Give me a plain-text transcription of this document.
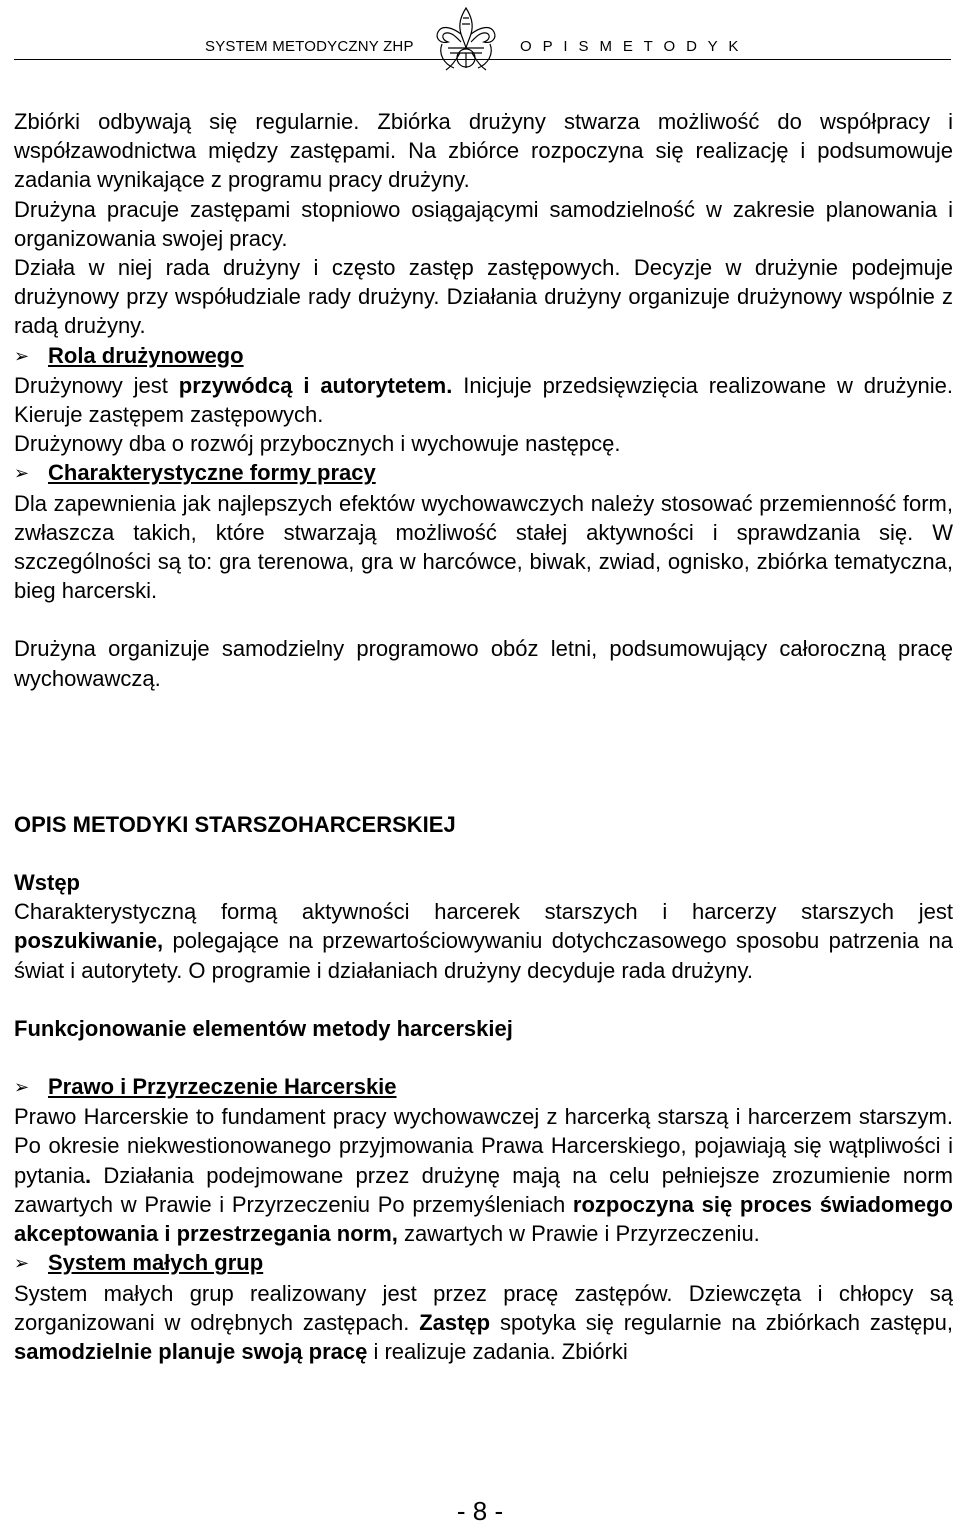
SYSTEM METODYCZNY ZHP	O P I S M E T O D Y K

Zbiórki odbywają się regularnie. Zbiórka drużyny stwarza możliwość do współpracy i współzawodnictwa między zastępami. Na zbiórce rozpoczyna się realizację i podsumowuje zadania wynikające z programu pracy drużyny.

Drużyna pracuje zastępami stopniowo osiągającymi samodzielność w zakresie planowania i organizowania swojej pracy.

Działa w niej rada drużyny i często zastęp zastępowych. Decyzje w drużynie podejmuje drużynowy przy współudziale rady drużyny. Działania drużyny organizuje drużynowy wspólnie z radą drużyny.

➢ Rola drużynowego

Drużynowy jest przywódcą i autorytetem. Inicjuje przedsięwzięcia realizowane w drużynie. Kieruje zastępem zastępowych.

Drużynowy dba o rozwój przybocznych i wychowuje następcę.

➢ Charakterystyczne formy pracy

Dla zapewnienia jak najlepszych efektów wychowawczych należy stosować przemienność form, zwłaszcza takich, które stwarzają możliwość stałej aktywności i sprawdzania się. W szczególności są to: gra terenowa, gra w harcówce, biwak, zwiad, ognisko, zbiórka tematyczna, bieg harcerski.

Drużyna organizuje samodzielny programowo obóz letni, podsumowujący całoroczną pracę wychowawczą.

OPIS METODYKI STARSZOHARCERSKIEJ

Wstęp

Charakterystyczną formą aktywności harcerek starszych i harcerzy starszych jest poszukiwanie, polegające na przewartościowywaniu dotychczasowego sposobu patrzenia na świat i autorytety. O programie i działaniach drużyny decyduje rada drużyny.

Funkcjonowanie elementów metody harcerskiej

➢ Prawo i Przyrzeczenie Harcerskie

Prawo Harcerskie to fundament pracy wychowawczej z harcerką starszą i harcerzem starszym. Po okresie niekwestionowanego przyjmowania Prawa Harcerskiego, pojawiają się wątpliwości i pytania. Działania podejmowane przez drużynę mają na celu pełniejsze zrozumienie norm zawartych w Prawie i Przyrzeczeniu Po przemyśleniach rozpoczyna się proces świadomego akceptowania i przestrzegania norm, zawartych w Prawie i Przyrzeczeniu.

➢ System małych grup

System małych grup realizowany jest przez pracę zastępów. Dziewczęta i chłopcy są zorganizowani w odrębnych zastępach. Zastęp spotyka się regularnie na zbiórkach zastępu, samodzielnie planuje swoją pracę i realizuje zadania. Zbiórki

- 8 -
